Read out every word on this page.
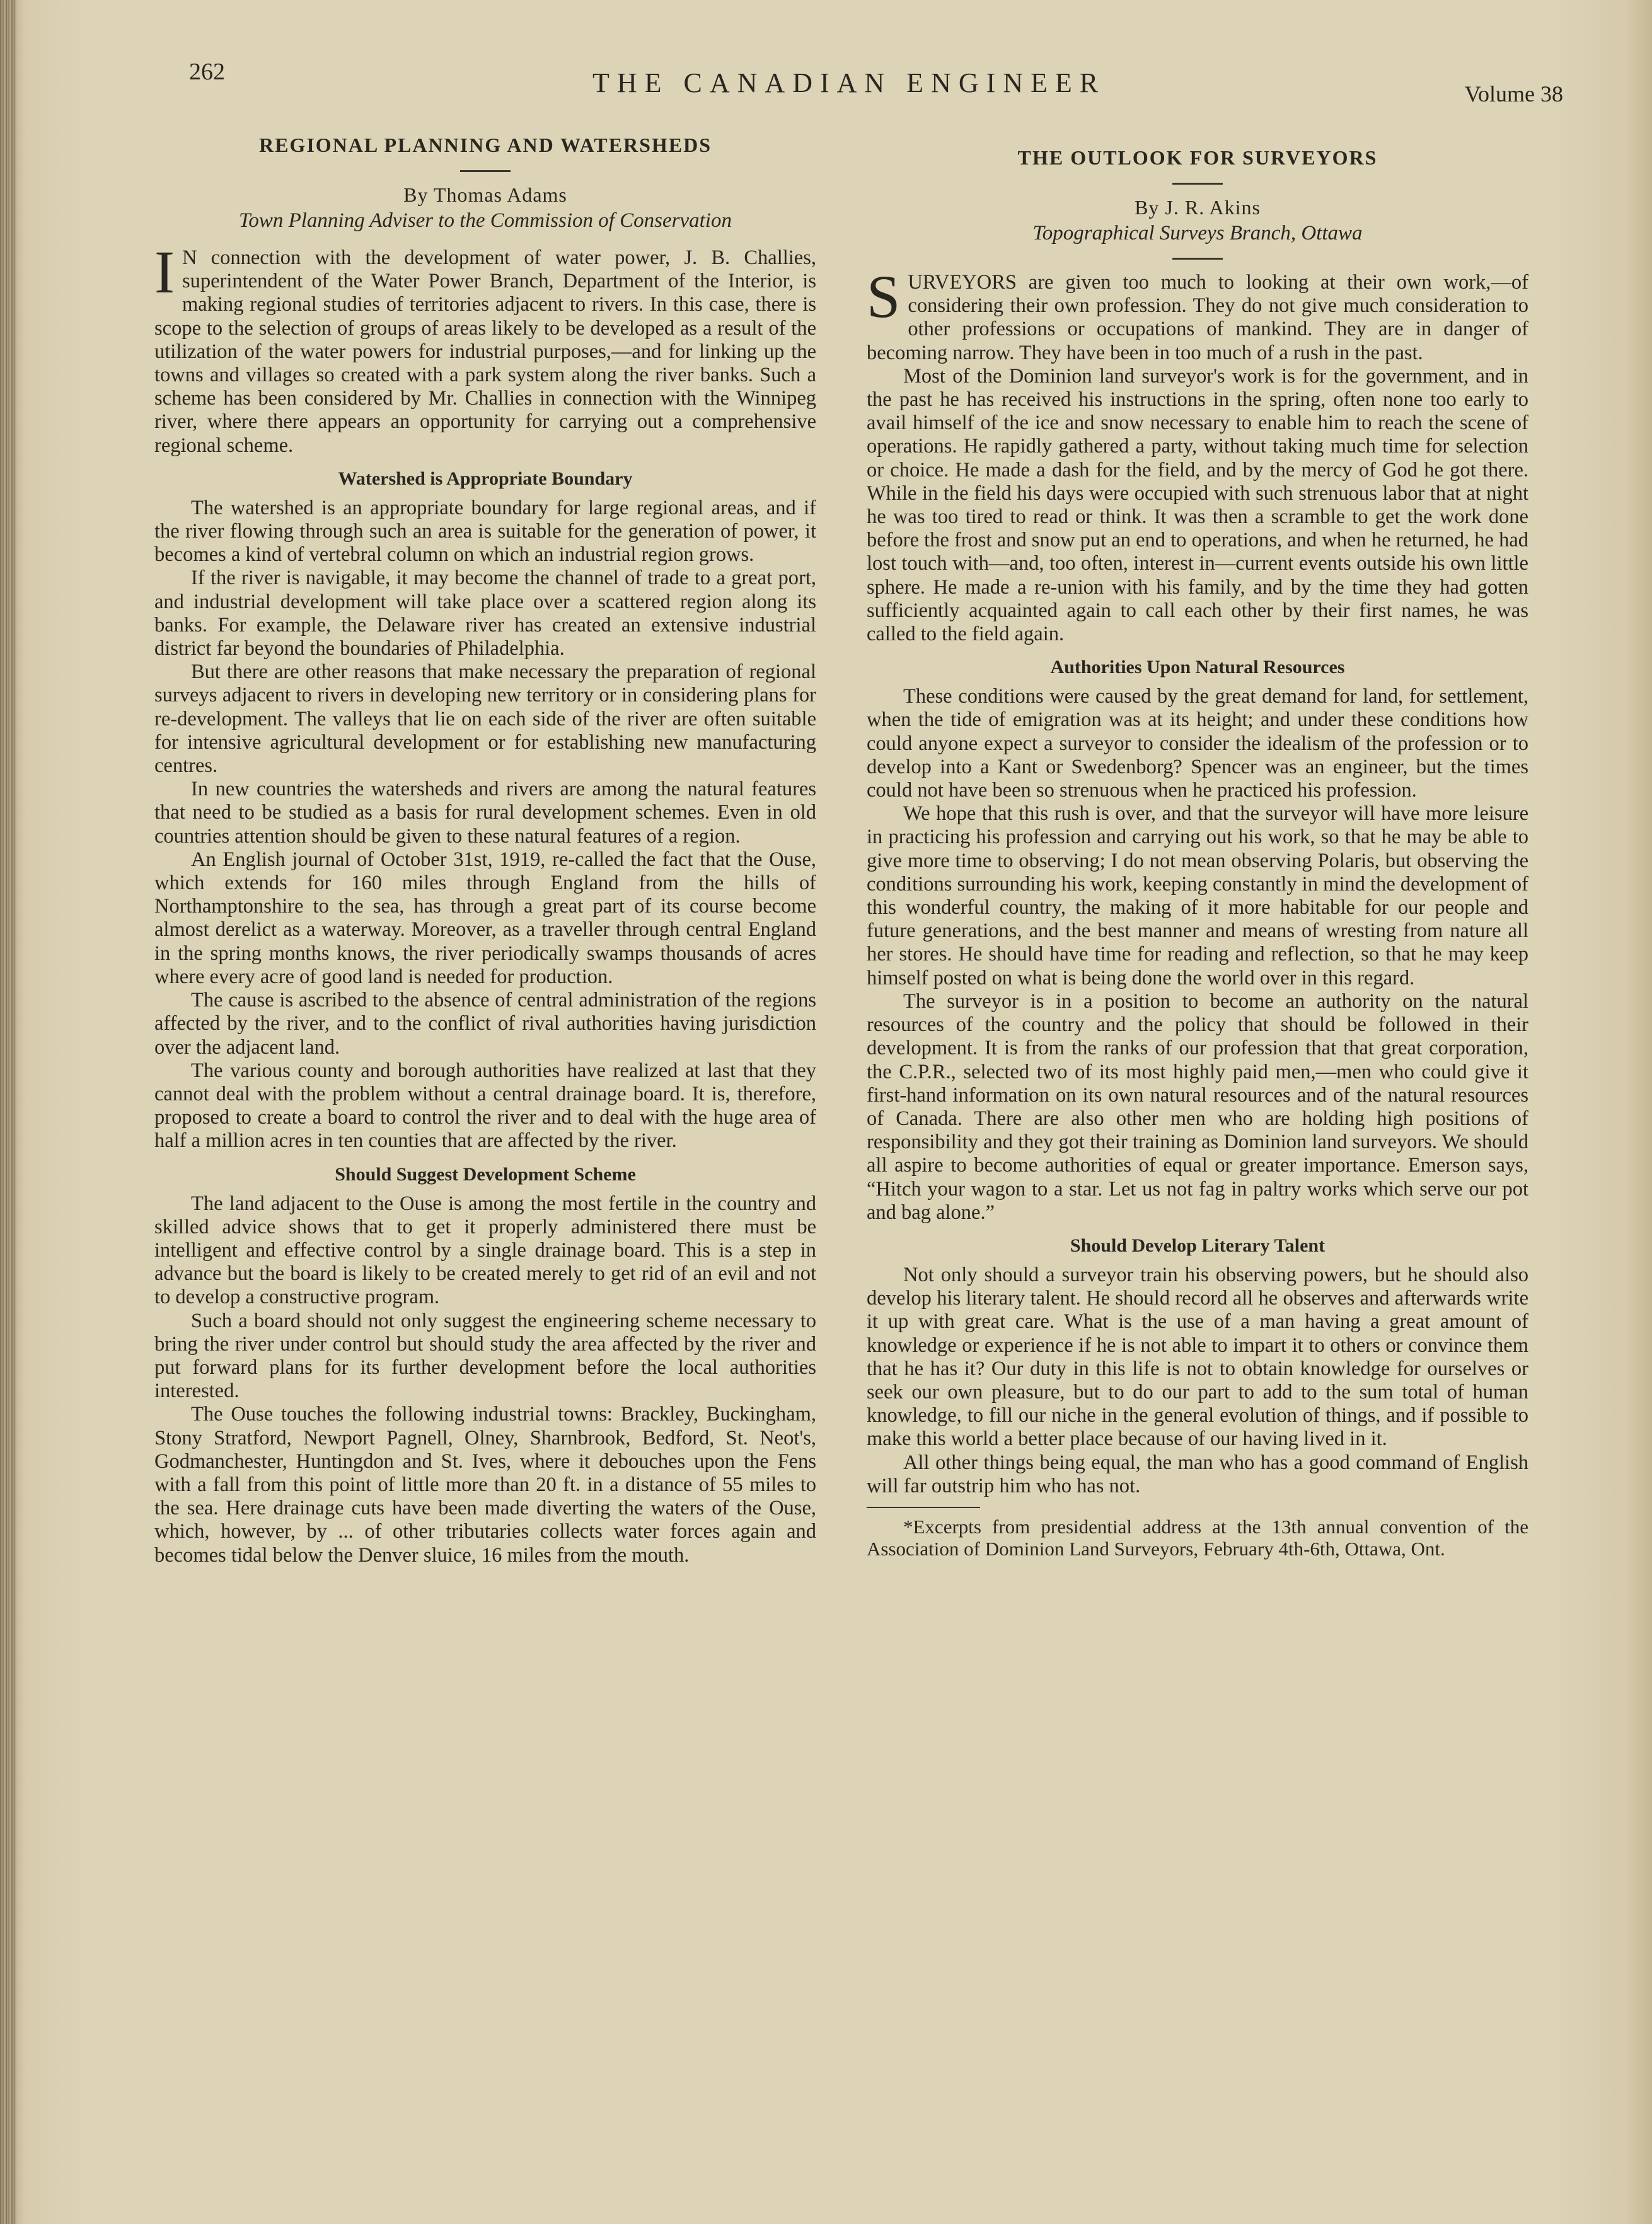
262	THE CANADIAN ENGINEER	Volume 38
REGIONAL PLANNING AND WATERSHEDS

By Thomas Adams

Town Planning Adviser to the Commission of Conservation

I N connection with the development of water power, J. B. Challies, superintendent of the Water Power Branch, Department of the Interior, is making regional studies of territories adjacent to rivers. In this case, there is scope to the selection of groups of areas likely to be developed as a result of the utilization of the water powers for industrial purposes,—and for linking up the towns and villages so created with a park system along the river banks. Such a scheme has been considered by Mr. Challies in connection with the Winnipeg river, where there appears an opportunity for carrying out a comprehensive regional scheme.

Watershed is Appropriate Boundary

The watershed is an appropriate boundary for large regional areas, and if the river flowing through such an area is suitable for the generation of power, it becomes a kind of vertebral column on which an industrial region grows.

If the river is navigable, it may become the channel of trade to a great port, and industrial development will take place over a scattered region along its banks. For example, the Delaware river has created an extensive industrial district far beyond the boundaries of Philadelphia.

But there are other reasons that make necessary the preparation of regional surveys adjacent to rivers in developing new territory or in considering plans for re-development. The valleys that lie on each side of the river are often suitable for intensive agricultural development or for establishing new manufacturing centres.

In new countries the watersheds and rivers are among the natural features that need to be studied as a basis for rural development schemes. Even in old countries attention should be given to these natural features of a region.

An English journal of October 31st, 1919, re-called the fact that the Ouse, which extends for 160 miles through England from the hills of Northamptonshire to the sea, has through a great part of its course become almost derelict as a waterway. Moreover, as a traveller through central England in the spring months knows, the river periodically swamps thousands of acres where every acre of good land is needed for production.

The cause is ascribed to the absence of central administration of the regions affected by the river, and to the conflict of rival authorities having jurisdiction over the adjacent land.

The various county and borough authorities have realized at last that they cannot deal with the problem without a central drainage board. It is, therefore, proposed to create a board to control the river and to deal with the huge area of half a million acres in ten counties that are affected by the river.

Should Suggest Development Scheme

The land adjacent to the Ouse is among the most fertile in the country and skilled advice shows that to get it properly administered there must be intelligent and effective control by a single drainage board. This is a step in advance but the board is likely to be created merely to get rid of an evil and not to develop a constructive program.

Such a board should not only suggest the engineering scheme necessary to bring the river under control but should study the area affected by the river and put forward plans for its further development before the local authorities interested.

The Ouse touches the following industrial towns: Brackley, Buckingham, Stony Stratford, Newport Pagnell, Olney, Sharnbrook, Bedford, St. Neot's, Godmanchester, Huntingdon and St. Ives, where it debouches upon the Fens with a fall from this point of little more than 20 ft. in a distance of 55 miles to the sea. Here drainage cuts have been made diverting the waters of the Ouse, which, however, by ... of other tributaries collects water forces again and becomes tidal below the Denver sluice, 16 miles from the mouth.

THE OUTLOOK FOR SURVEYORS

By J. R. Akins

Topographical Surveys Branch, Ottawa

SURVEYORS are given too much to looking at their own work,—of considering their own profession. They do not give much consideration to other professions or occupations of mankind. They are in danger of becoming narrow. They have been in too much of a rush in the past.

Most of the Dominion land surveyor's work is for the government, and in the past he has received his instructions in the spring, often none too early to avail himself of the ice and snow necessary to enable him to reach the scene of operations. He rapidly gathered a party, without taking much time for selection or choice. He made a dash for the field, and by the mercy of God he got there. While in the field his days were occupied with such strenuous labor that at night he was too tired to read or think. It was then a scramble to get the work done before the frost and snow put an end to operations, and when he returned, he had lost touch with—and, too often, interest in—current events outside his own little sphere. He made a re-union with his family, and by the time they had gotten sufficiently acquainted again to call each other by their first names, he was called to the field again.

Authorities Upon Natural Resources

These conditions were caused by the great demand for land, for settlement, when the tide of emigration was at its height; and under these conditions how could anyone expect a surveyor to consider the idealism of the profession or to develop into a Kant or Swedenborg? Spencer was an engineer, but the times could not have been so strenuous when he practiced his profession.

We hope that this rush is over, and that the surveyor will have more leisure in practicing his profession and carrying out his work, so that he may be able to give more time to observing; I do not mean observing Polaris, but observing the conditions surrounding his work, keeping constantly in mind the development of this wonderful country, the making of it more habitable for our people and future generations, and the best manner and means of wresting from nature all her stores. He should have time for reading and reflection, so that he may keep himself posted on what is being done the world over in this regard.

The surveyor is in a position to become an authority on the natural resources of the country and the policy that should be followed in their development. It is from the ranks of our profession that that great corporation, the C.P.R., selected two of its most highly paid men,—men who could give it first-hand information on its own natural resources and of the natural resources of Canada. There are also other men who are holding high positions of responsibility and they got their training as Dominion land surveyors. We should all aspire to become authorities of equal or greater importance. Emerson says, “Hitch your wagon to a star. Let us not fag in paltry works which serve our pot and bag alone.”

Should Develop Literary Talent

Not only should a surveyor train his observing powers, but he should also develop his literary talent. He should record all he observes and afterwards write it up with great care. What is the use of a man having a great amount of knowledge or experience if he is not able to impart it to others or convince them that he has it? Our duty in this life is not to obtain knowledge for ourselves or seek our own pleasure, but to do our part to add to the sum total of human knowledge, to fill our niche in the general evolution of things, and if possible to make this world a better place because of our having lived in it.

All other things being equal, the man who has a good command of English will far outstrip him who has not.

*Excerpts from presidential address at the 13th annual convention of the Association of Dominion Land Surveyors, February 4th-6th, Ottawa, Ont.
